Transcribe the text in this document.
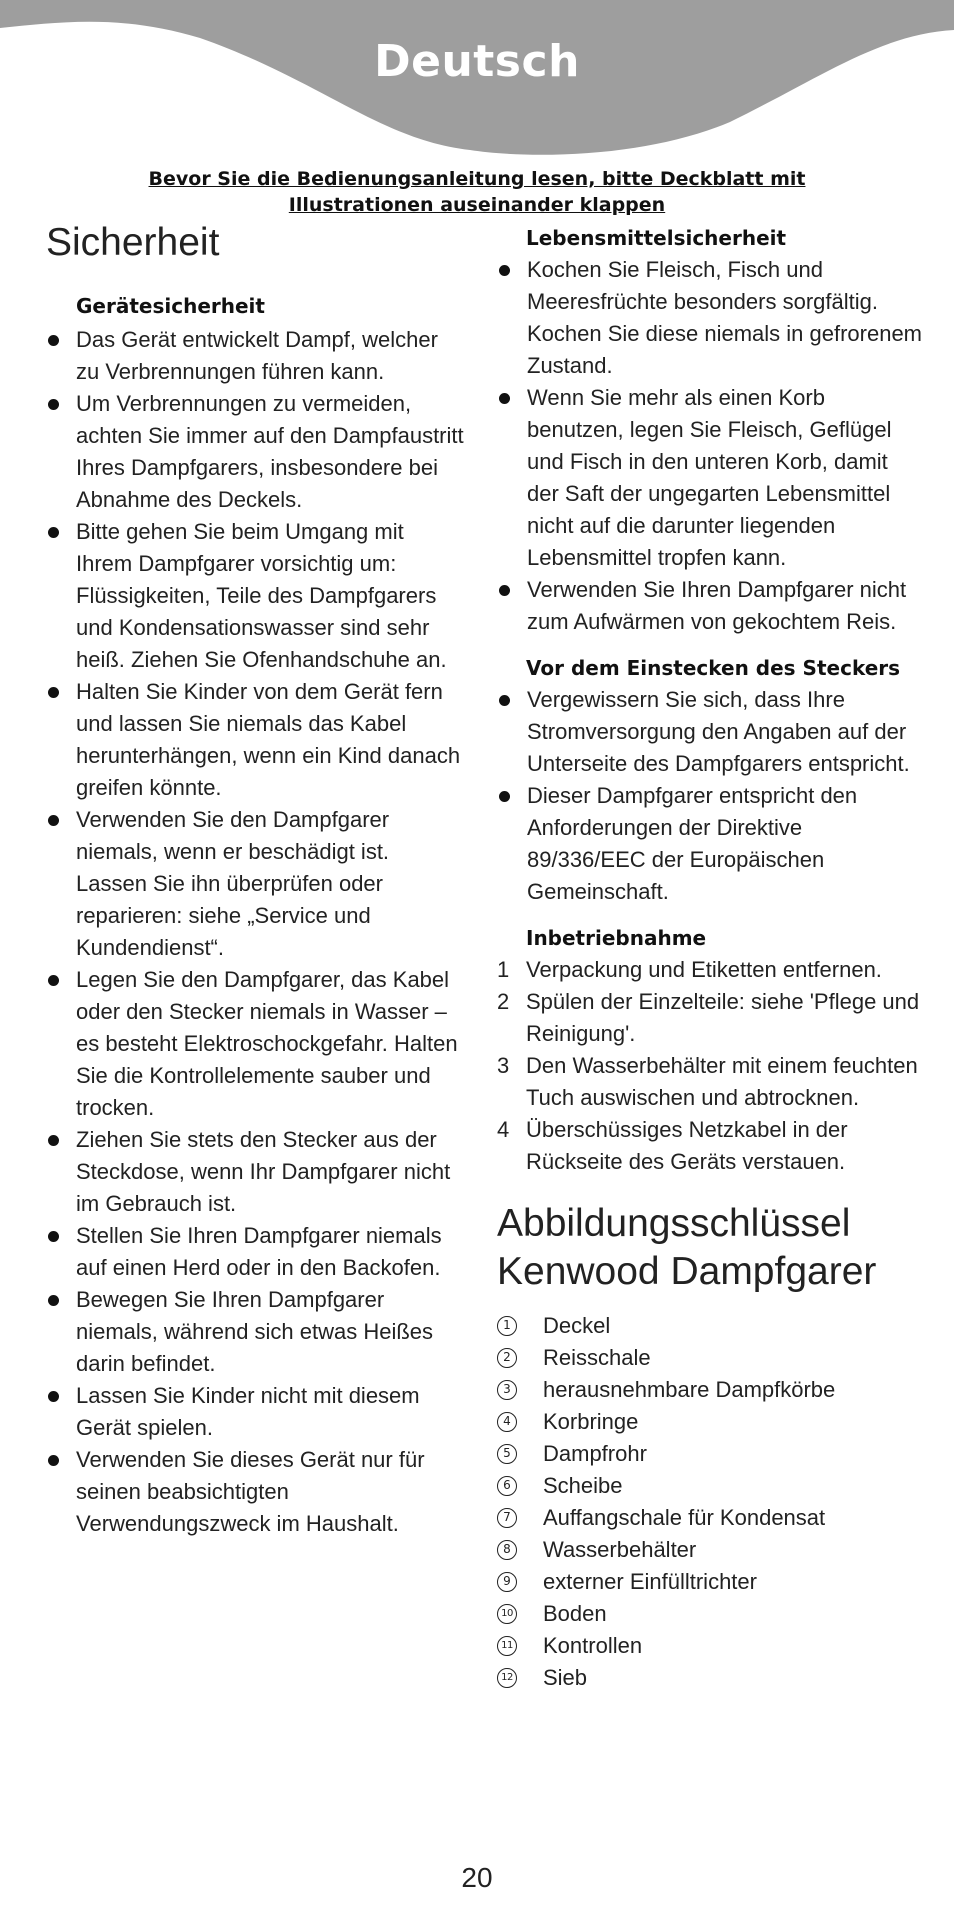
Deutsch
Bevor Sie die Bedienungsanleitung lesen, bitte Deckblatt mit Illustrationen auseinander klappen
Sicherheit
Gerätesicherheit
Das Gerät entwickelt Dampf, welcher zu Verbrennungen führen kann.
Um Verbrennungen zu vermeiden, achten Sie immer auf den Dampfaustritt Ihres Dampfgarers, insbesondere bei Abnahme des Deckels.
Bitte gehen Sie beim Umgang mit Ihrem Dampfgarer vorsichtig um: Flüssigkeiten, Teile des Dampfgarers und Kondensationswasser sind sehr heiß. Ziehen Sie Ofenhandschuhe an.
Halten Sie Kinder von dem Gerät fern und lassen Sie niemals das Kabel herunterhängen, wenn ein Kind danach greifen könnte.
Verwenden Sie den Dampfgarer niemals, wenn er beschädigt ist. Lassen Sie ihn überprüfen oder reparieren: siehe „Service und Kundendienst“.
Legen Sie den Dampfgarer, das Kabel oder den Stecker niemals in Wasser – es besteht Elektroschockgefahr. Halten Sie die Kontrollelemente sauber und trocken.
Ziehen Sie stets den Stecker aus der Steckdose, wenn Ihr Dampfgarer nicht im Gebrauch ist.
Stellen Sie Ihren Dampfgarer niemals auf einen Herd oder in den Backofen.
Bewegen Sie Ihren Dampfgarer niemals, während sich etwas Heißes darin befindet.
Lassen Sie Kinder nicht mit diesem Gerät spielen.
Verwenden Sie dieses Gerät nur für seinen beabsichtigten Verwendungszweck im Haushalt.
Lebensmittelsicherheit
Kochen Sie Fleisch, Fisch und Meeresfrüchte besonders sorgfältig. Kochen Sie diese niemals in gefrorenem Zustand.
Wenn Sie mehr als einen Korb benutzen, legen Sie Fleisch, Geflügel und Fisch in den unteren Korb, damit der Saft der ungegarten Lebensmittel nicht auf die darunter liegenden Lebensmittel tropfen kann.
Verwenden Sie Ihren Dampfgarer nicht zum Aufwärmen von gekochtem Reis.
Vor dem Einstecken des Steckers
Vergewissern Sie sich, dass Ihre Stromversorgung den Angaben auf der Unterseite des Dampfgarers entspricht.
Dieser Dampfgarer entspricht den Anforderungen der Direktive 89/336/EEC der Europäischen Gemeinschaft.
Inbetriebnahme
1 Verpackung und Etiketten entfernen.
2 Spülen der Einzelteile: siehe 'Pflege und Reinigung'.
3 Den Wasserbehälter mit einem feuchten Tuch auswischen und abtrocknen.
4 Überschüssiges Netzkabel in der Rückseite des Geräts verstauen.
Abbildungsschlüssel
Kenwood Dampfgarer
1 Deckel
2 Reisschale
3 herausnehmbare Dampfkörbe
4 Korbringe
5 Dampfrohr
6 Scheibe
7 Auffangschale für Kondensat
8 Wasserbehälter
9 externer Einfülltrichter
10 Boden
11 Kontrollen
12 Sieb
20
